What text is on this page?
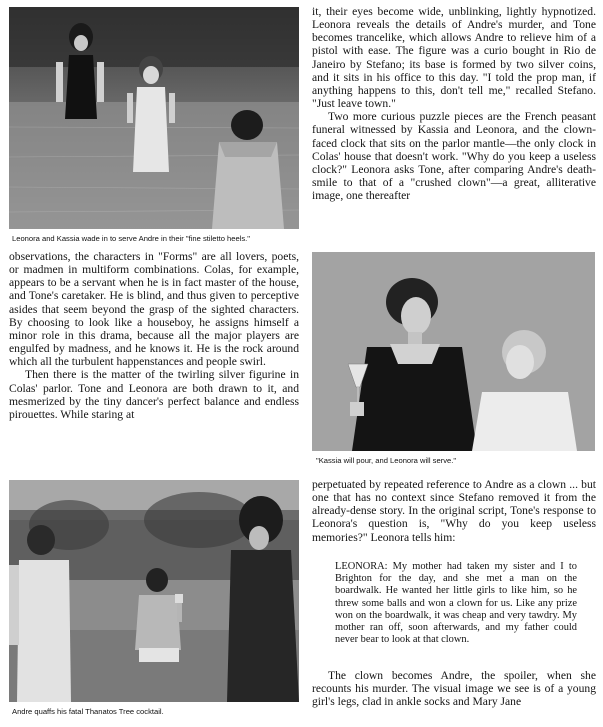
Leonora and Kassia wade in to serve Andre in their "fine stiletto heels."

it, their eyes become wide, unblinking, lightly hypnotized. Leonora reveals the details of Andre's murder, and Tone becomes trancelike, which allows Andre to relieve him of a pistol with ease. The figure was a curio bought in Rio de Janeiro by Stefano; its base is formed by two silver coins, and it sits in his office to this day. "I told the prop man, if anything happens to this, don't tell me," recalled Stefano. "Just leave town."

Two more curious puzzle pieces are the French peasant funeral witnessed by Kassia and Leonora, and the clown-faced clock that sits on the parlor mantle—the only clock in Colas' house that doesn't work. "Why do you keep a useless clock?" Leonora asks Tone, after comparing Andre's death-smile to that of a "crushed clown"—a great, alliterative image, one thereafter

observations, the characters in "Forms" are all lovers, poets, or madmen in multiform combinations. Colas, for example, appears to be a servant when he is in fact master of the house, and Tone's caretaker. He is blind, and thus given to perceptive asides that seem beyond the grasp of the sighted characters. By choosing to look like a houseboy, he assigns himself a minor role in this drama, because all the major players are engulfed by madness, and he knows it. He is the rock around which all the turbulent happenstances and people swirl.

Then there is the matter of the twirling silver figurine in Colas' parlor. Tone and Leonora are both drawn to it, and mesmerized by the tiny dancer's perfect balance and endless pirouettes. While staring at

"Kassia will pour, and Leonora will serve."
Andre quaffs his fatal Thanatos Tree cocktail.

perpetuated by repeated reference to Andre as a clown ... but one that has no context since Stefano removed it from the already-dense story. In the original script, Tone's response to Leonora's question is, "Why do you keep useless memories?" Leonora tells him:

LEONORA: My mother had taken my sister and I to Brighton for the day, and she met a man on the boardwalk. He wanted her little girls to like him, so he threw some balls and won a clown for us. Like any prize won on the boardwalk, it was cheap and very tawdry. My mother ran off, soon afterwards, and my father could never bear to look at that clown.

The clown becomes Andre, the spoiler, when she recounts his murder. The visual image we see is of a young girl's legs, clad in ankle socks and Mary Jane
